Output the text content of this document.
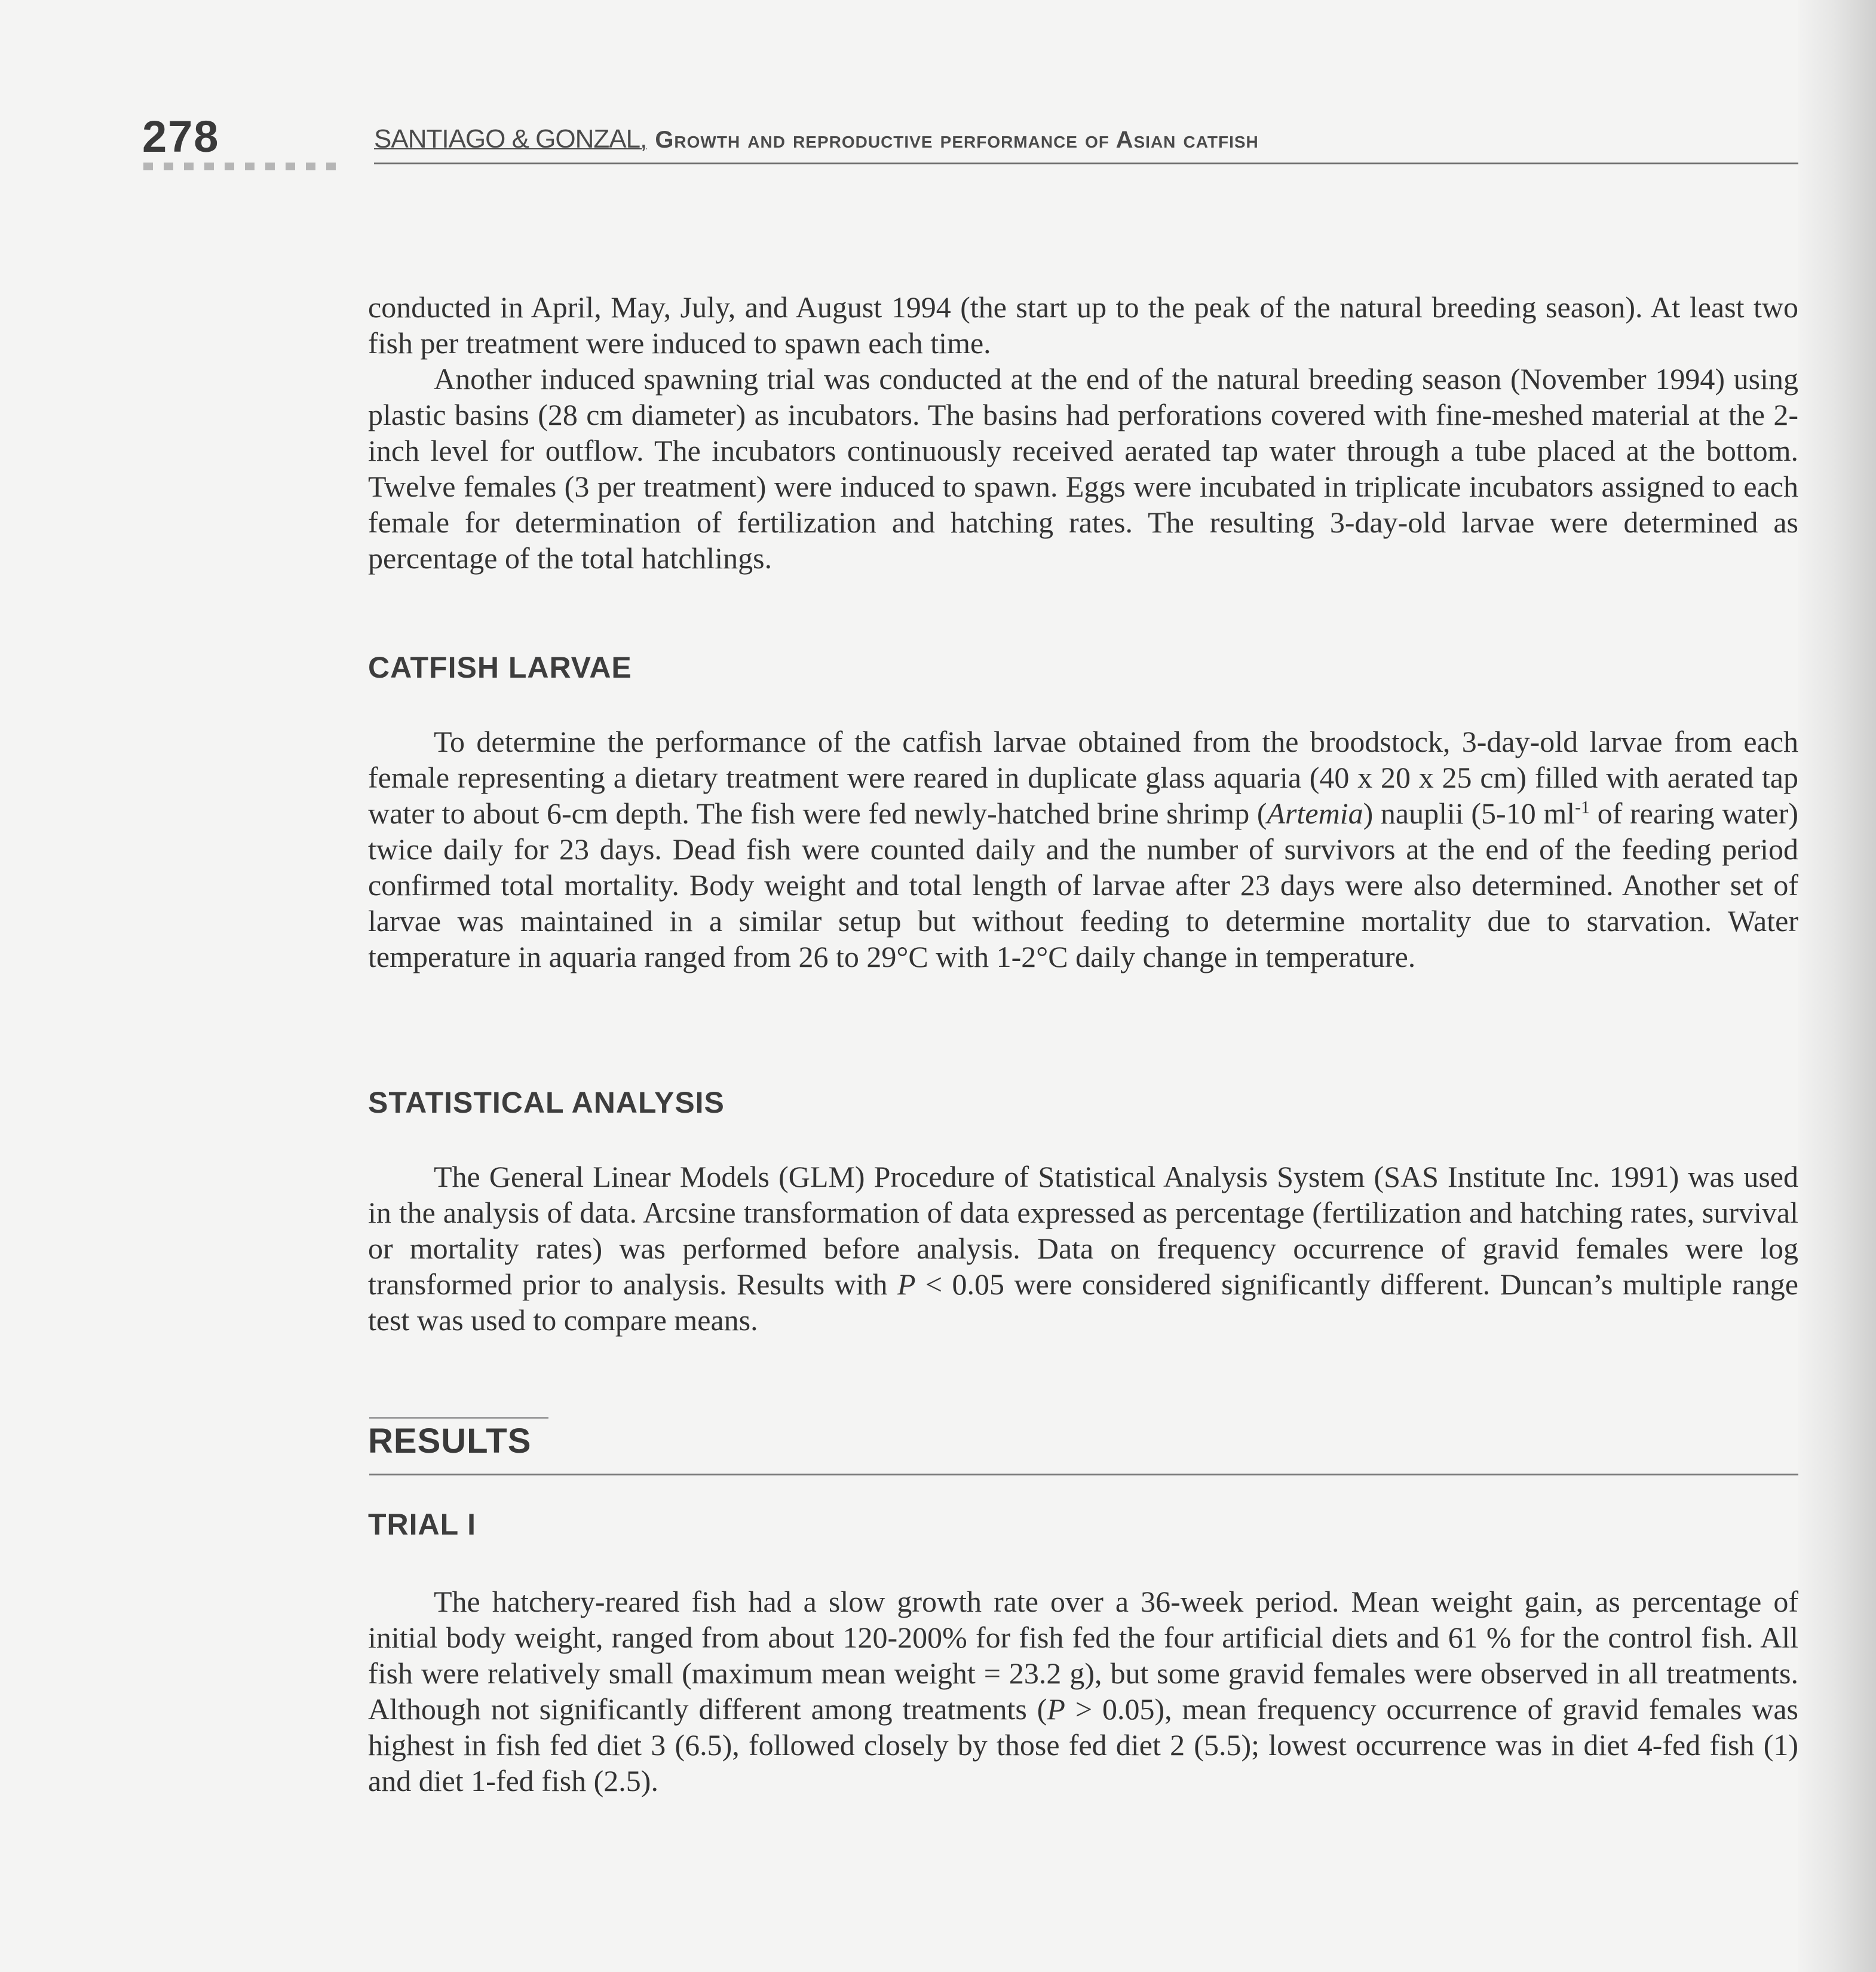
278	SANTIAGO & GONZAL, Growth and reproductive performance of Asian catfish

conducted in April, May, July, and August 1994 (the start up to the peak of the natural breeding season). At least two fish per treatment were induced to spawn each time.

Another induced spawning trial was conducted at the end of the natural breeding season (November 1994) using plastic basins (28 cm diameter) as incubators. The basins had perforations covered with fine-meshed material at the 2-inch level for outflow. The incubators continuously received aerated tap water through a tube placed at the bottom. Twelve females (3 per treatment) were induced to spawn. Eggs were incubated in triplicate incubators assigned to each female for determination of fertilization and hatching rates. The resulting 3-day-old larvae were determined as percentage of the total hatchlings.

CATFISH LARVAE

To determine the performance of the catfish larvae obtained from the broodstock, 3-day-old larvae from each female representing a dietary treatment were reared in duplicate glass aquaria (40 x 20 x 25 cm) filled with aerated tap water to about 6-cm depth. The fish were fed newly-hatched brine shrimp (Artemia) nauplii (5-10 $ml^{-1}$ of rearing water) twice daily for 23 days. Dead fish were counted daily and the number of survivors at the end of the feeding period confirmed total mortality. Body weight and total length of larvae after 23 days were also determined. Another set of larvae was maintained in a similar setup but without feeding to determine mortality due to starvation. Water temperature in aquaria ranged from 26 to 29°C with 1-2°C daily change in temperature.

STATISTICAL ANALYSIS

The General Linear Models (GLM) Procedure of Statistical Analysis System (SAS Institute Inc. 1991) was used in the analysis of data. Arcsine transformation of data expressed as percentage (fertilization and hatching rates, survival or mortality rates) was performed before analysis. Data on frequency occurrence of gravid females were log transformed prior to analysis. Results with P < 0.05 were considered significantly different. Duncan’s multiple range test was used to compare means.

RESULTS
TRIAL I

The hatchery-reared fish had a slow growth rate over a 36-week period. Mean weight gain, as percentage of initial body weight, ranged from about 120-200% for fish fed the four artificial diets and 61 % for the control fish. All fish were relatively small (maximum mean weight = 23.2 g), but some gravid females were observed in all treatments. Although not significantly different among treatments (P > 0.05), mean frequency occurrence of gravid females was highest in fish fed diet 3 (6.5), followed closely by those fed diet 2 (5.5); lowest occurrence was in diet 4-fed fish (1) and diet 1-fed fish (2.5).
